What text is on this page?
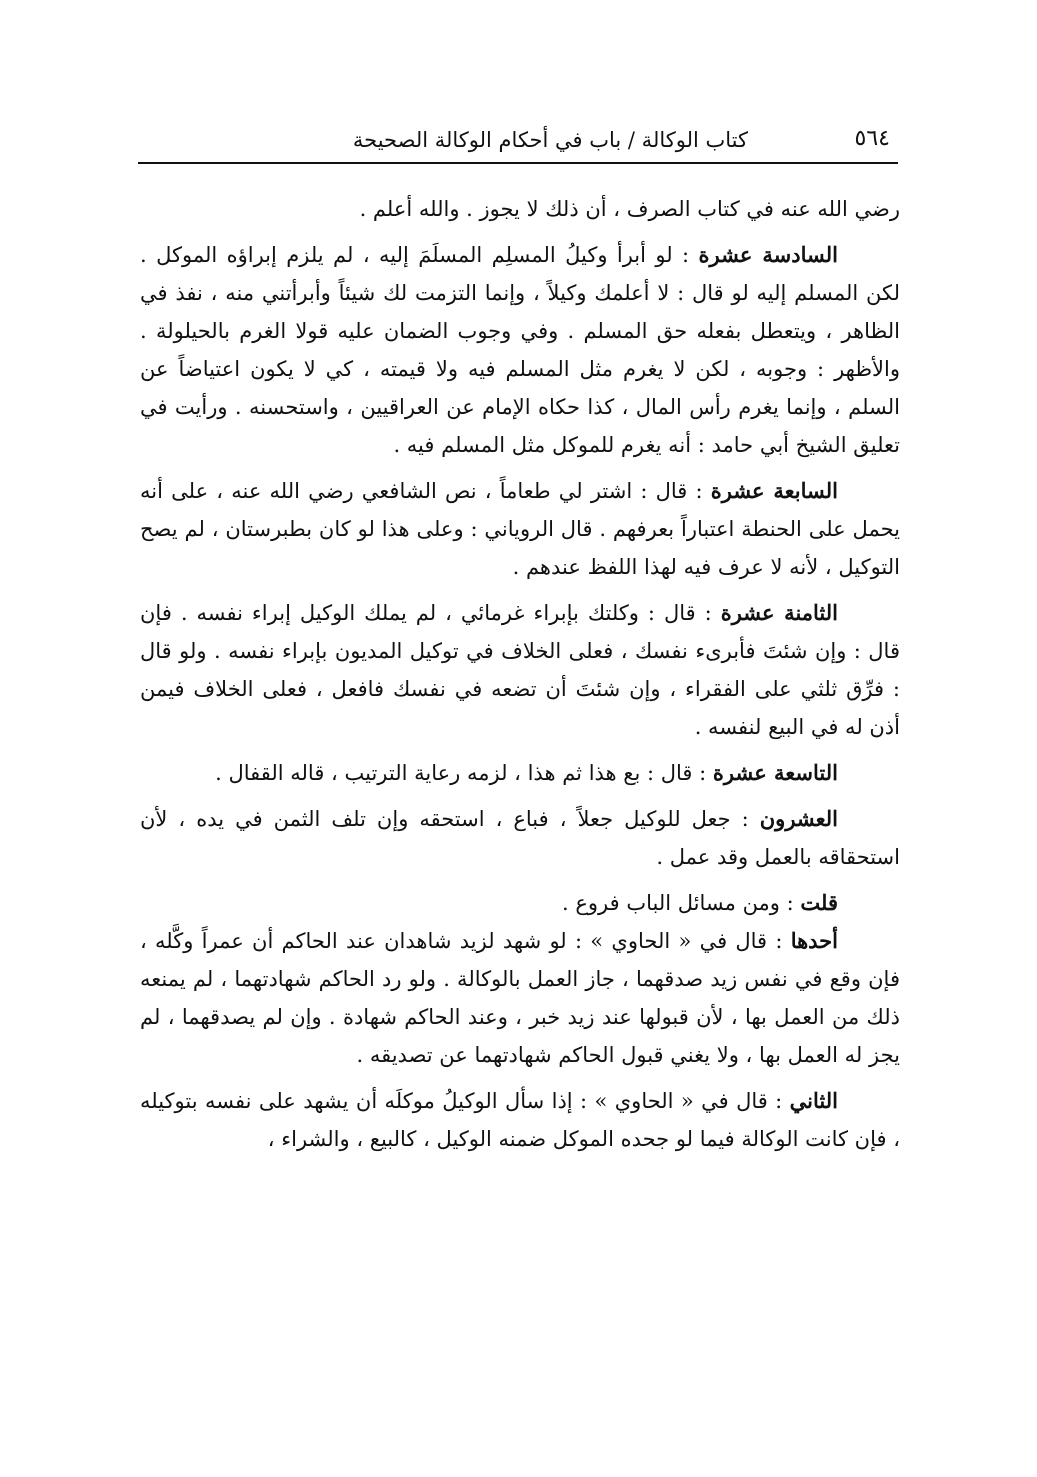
كتاب الوكالة / باب في أحكام الوكالة الصحيحة	٥٦٤

رضي الله عنه في كتاب الصرف ، أن ذلك لا يجوز . والله أعلم .

السادسة عشرة : لو أبرأ وكيلُ المسلِم المسلَمَ إليه ، لم يلزم إبراؤه الموكل . لكن المسلم إليه لو قال : لا أعلمك وكيلاً ، وإنما التزمت لك شيئاً وأبرأتني منه ، نفذ في الظاهر ، ويتعطل بفعله حق المسلم . وفي وجوب الضمان عليه قولا الغرم بالحيلولة . والأظهر : وجوبه ، لكن لا يغرم مثل المسلم فيه ولا قيمته ، كي لا يكون اعتياضاً عن السلم ، وإنما يغرم رأس المال ، كذا حكاه الإمام عن العراقيين ، واستحسنه . ورأيت في تعليق الشيخ أبي حامد : أنه يغرم للموكل مثل المسلم فيه .

السابعة عشرة : قال : اشتر لي طعاماً ، نص الشافعي رضي الله عنه ، على أنه يحمل على الحنطة اعتباراً بعرفهم . قال الروياني : وعلى هذا لو كان بطبرستان ، لم يصح التوكيل ، لأنه لا عرف فيه لهذا اللفظ عندهم .

الثامنة عشرة : قال : وكلتك بإبراء غرمائي ، لم يملك الوكيل إبراء نفسه . فإن قال : وإن شئتَ فأبرىء نفسك ، فعلى الخلاف في توكيل المديون بإبراء نفسه . ولو قال : فرِّق ثلثي على الفقراء ، وإن شئتَ أن تضعه في نفسك فافعل ، فعلى الخلاف فيمن أذن له في البيع لنفسه .

التاسعة عشرة : قال : بع هذا ثم هذا ، لزمه رعاية الترتيب ، قاله القفال .

العشرون : جعل للوكيل جعلاً ، فباع ، استحقه وإن تلف الثمن في يده ، لأن استحقاقه بالعمل وقد عمل .

قلت : ومن مسائل الباب فروع .

أحدها : قال في « الحاوي » : لو شهد لزيد شاهدان عند الحاكم أن عمراً وكَّله ، فإن وقع في نفس زيد صدقهما ، جاز العمل بالوكالة . ولو رد الحاكم شهادتهما ، لم يمنعه ذلك من العمل بها ، لأن قبولها عند زيد خبر ، وعند الحاكم شهادة . وإن لم يصدقهما ، لم يجز له العمل بها ، ولا يغني قبول الحاكم شهادتهما عن تصديقه .

الثاني : قال في « الحاوي » : إذا سأل الوكيلُ موكلَه أن يشهد على نفسه بتوكيله ، فإن كانت الوكالة فيما لو جحده الموكل ضمنه الوكيل ، كالبيع ، والشراء ،
